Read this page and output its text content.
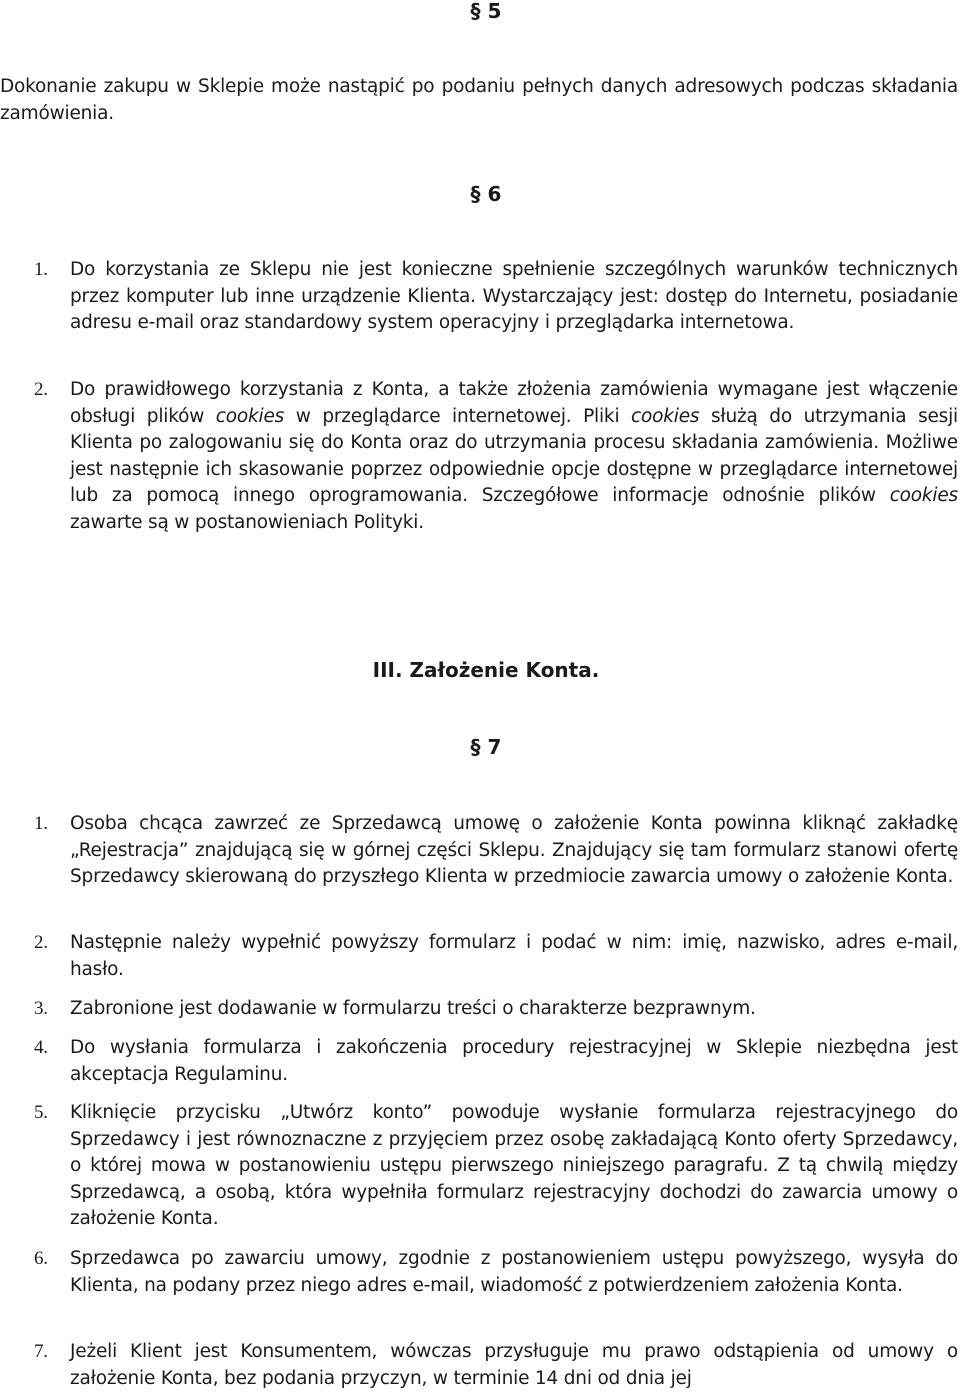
§ 5

Dokonanie zakupu w Sklepie może nastąpić po podaniu pełnych danych adresowych podczas składania zamówienia.

§ 6
1. Do korzystania ze Sklepu nie jest konieczne spełnienie szczególnych warunków technicznych przez komputer lub inne urządzenie Klienta. Wystarczający jest: dostęp do Internetu, posiadanie adresu e-mail oraz standardowy system operacyjny i przeglądarka internetowa.
2. Do prawidłowego korzystania z Konta, a także złożenia zamówienia wymagane jest włączenie obsługi plików cookies w przeglądarce internetowej. Pliki cookies służą do utrzymania sesji Klienta po zalogowaniu się do Konta oraz do utrzymania procesu składania zamówienia. Możliwe jest następnie ich skasowanie poprzez odpowiednie opcje dostępne w przeglądarce internetowej lub za pomocą innego oprogramowania. Szczegółowe informacje odnośnie plików cookies zawarte są w postanowieniach Polityki.
III. Założenie Konta.
§ 7
1. Osoba chcąca zawrzeć ze Sprzedawcą umowę o założenie Konta powinna kliknąć zakładkę „Rejestracja” znajdującą się w górnej części Sklepu. Znajdujący się tam formularz stanowi ofertę Sprzedawcy skierowaną do przyszłego Klienta w przedmiocie zawarcia umowy o założenie Konta.
2. Następnie należy wypełnić powyższy formularz i podać w nim: imię, nazwisko, adres e-mail, hasło.
3. Zabronione jest dodawanie w formularzu treści o charakterze bezprawnym.
4. Do wysłania formularza i zakończenia procedury rejestracyjnej w Sklepie niezbędna jest akceptacja Regulaminu.
5. Kliknięcie przycisku „Utwórz konto” powoduje wysłanie formularza rejestracyjnego do Sprzedawcy i jest równoznaczne z przyjęciem przez osobę zakładającą Konto oferty Sprzedawcy, o której mowa w postanowieniu ustępu pierwszego niniejszego paragrafu. Z tą chwilą między Sprzedawcą, a osobą, która wypełniła formularz rejestracyjny dochodzi do zawarcia umowy o założenie Konta.
6. Sprzedawca po zawarciu umowy, zgodnie z postanowieniem ustępu powyższego, wysyła do Klienta, na podany przez niego adres e-mail, wiadomość z potwierdzeniem założenia Konta.
7. Jeżeli Klient jest Konsumentem, wówczas przysługuje mu prawo odstąpienia od umowy o założenie Konta, bez podania przyczyn, w terminie 14 dni od dnia jej
